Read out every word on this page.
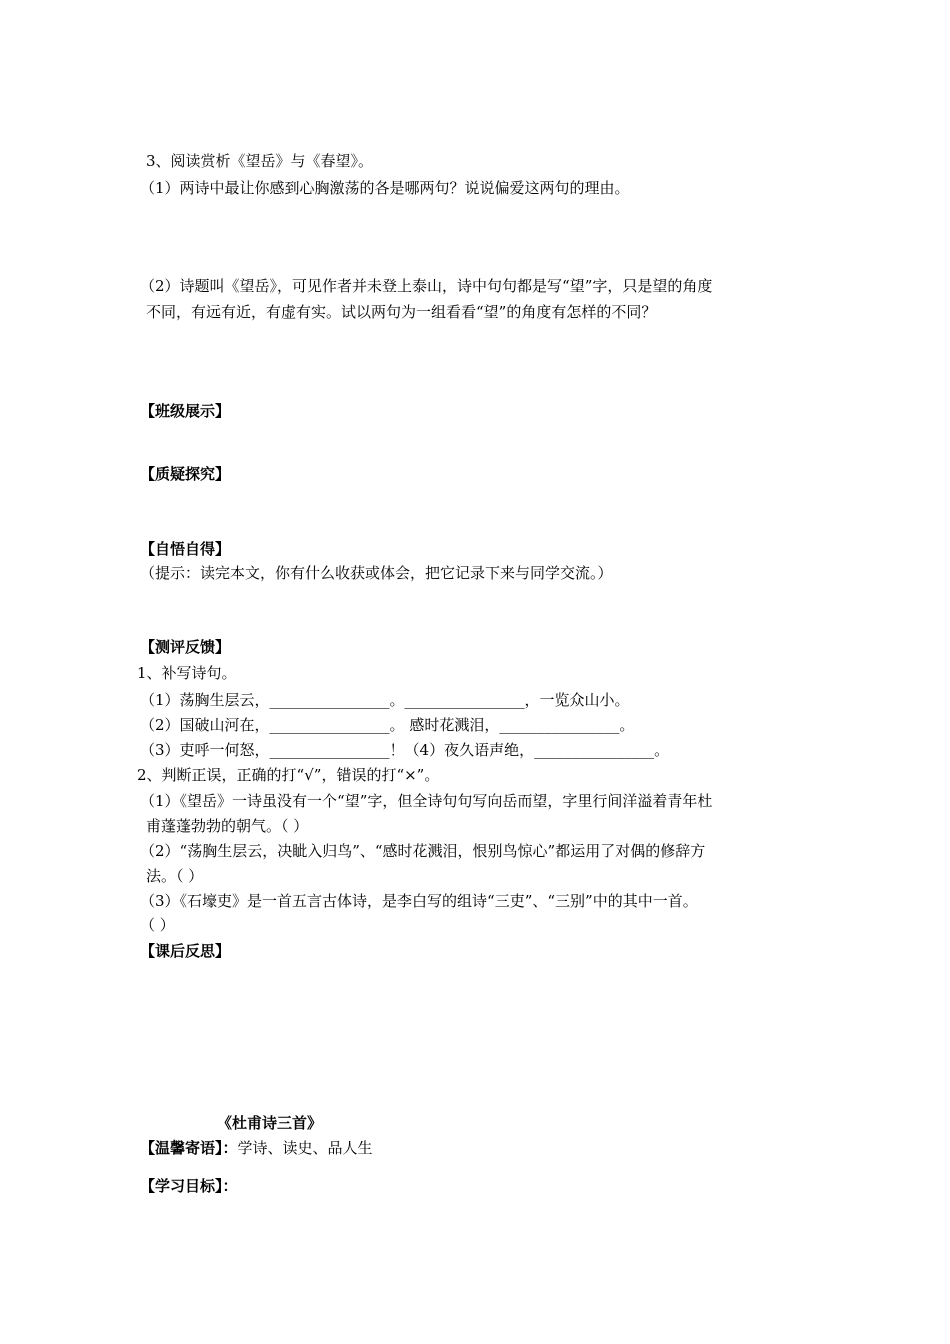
3、阅读赏析《望岳》与《春望》。
（1）两诗中最让你感到心胸激荡的各是哪两句？说说偏爱这两句的理由。
（2）诗题叫《望岳》，可见作者并未登上泰山，诗中句句都是写“望”字，只是望的角度
不同，有远有近，有虚有实。试以两句为一组看看“望”的角度有怎样的不同？
【班级展示】
【质疑探究】
【自悟自得】
（提示：读完本文，你有什么收获或体会，把它记录下来与同学交流。）
【测评反馈】
1、补写诗句。
（1）荡胸生层云，________________。________________，一览众山小。
（2）国破山河在，________________。 感时花溅泪，________________。
（3）吏呼一何怒，________________！（4）夜久语声绝，________________。
2、判断正误，正确的打“√”，错误的打“×”。
（1）《望岳》一诗虽没有一个“望”字，但全诗句句写向岳而望，字里行间洋溢着青年杜
甫蓬蓬勃勃的朝气。（ ）
（2）“荡胸生层云，决眦入归鸟”、“感时花溅泪，恨别鸟惊心”都运用了对偶的修辞方
法。（ ）
（3）《石壕吏》是一首五言古体诗，是李白写的组诗“三吏”、“三别”中的其中一首。
（ ）
【课后反思】
《杜甫诗三首》
【温馨寄语】：学诗、读史、品人生
【学习目标】：
